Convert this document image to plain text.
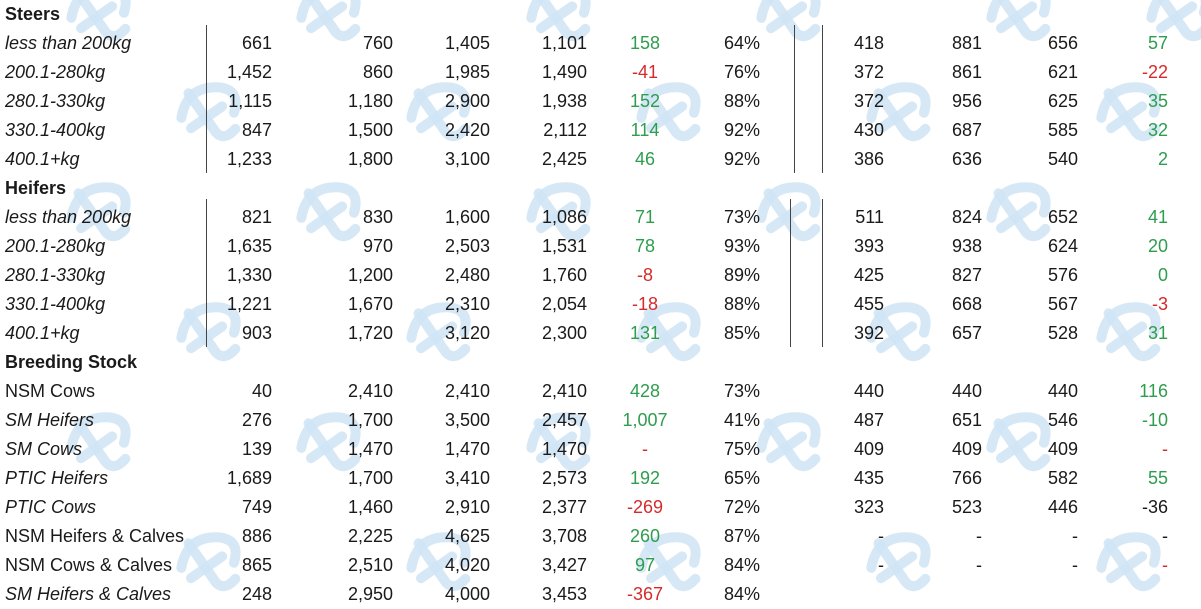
Steers
less than 200kg	661	760	1,405	1,101	158	64%	418	881	656	57
200.1-280kg	1,452	860	1,985	1,490	-41	76%	372	861	621	-22
280.1-330kg	1,115	1,180	2,900	1,938	152	88%	372	956	625	35
330.1-400kg	847	1,500	2,420	2,112	114	92%	430	687	585	32
400.1+kg	1,233	1,800	3,100	2,425	46	92%	386	636	540	2
Heifers
less than 200kg	821	830	1,600	1,086	71	73%	511	824	652	41
200.1-280kg	1,635	970	2,503	1,531	78	93%	393	938	624	20
280.1-330kg	1,330	1,200	2,480	1,760	-8	89%	425	827	576	0
330.1-400kg	1,221	1,670	2,310	2,054	-18	88%	455	668	567	-3
400.1+kg	903	1,720	3,120	2,300	131	85%	392	657	528	31
Breeding Stock
NSM Cows	40	2,410	2,410	2,410	428	73%	440	440	440	116
SM Heifers	276	1,700	3,500	2,457	1,007	41%	487	651	546	-10
SM Cows	139	1,470	1,470	1,470	-	75%	409	409	409	-
PTIC Heifers	1,689	1,700	3,410	2,573	192	65%	435	766	582	55
PTIC Cows	749	1,460	2,910	2,377	-269	72%	323	523	446	-36
NSM Heifers & Calves	886	2,225	4,625	3,708	260	87%	-	-	-	-
NSM Cows & Calves	865	2,510	4,020	3,427	97	84%	-	-	-	-
SM Heifers & Calves	248	2,950	4,000	3,453	-367	84%
